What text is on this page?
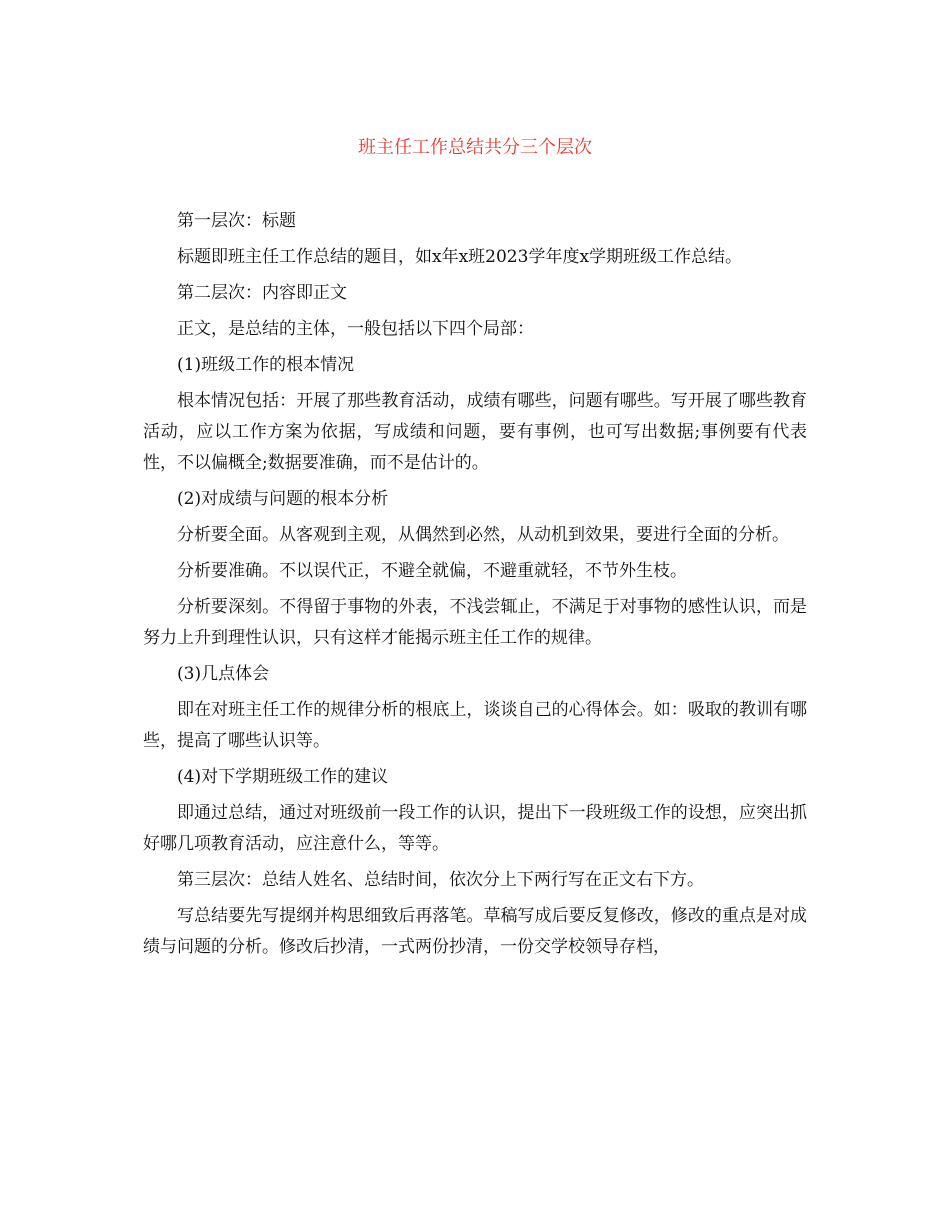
班主任工作总结共分三个层次

第一层次：标题

标题即班主任工作总结的题目，如x年x班2023学年度x学期班级工作总结。

第二层次：内容即正文

正文，是总结的主体，一般包括以下四个局部：

(1)班级工作的根本情况

根本情况包括：开展了那些教育活动，成绩有哪些，问题有哪些。写开展了哪些教育活动，应以工作方案为依据，写成绩和问题，要有事例，也可写出数据;事例要有代表性，不以偏概全;数据要准确，而不是估计的。

(2)对成绩与问题的根本分析

分析要全面。从客观到主观，从偶然到必然，从动机到效果，要进行全面的分析。

分析要准确。不以误代正，不避全就偏，不避重就轻，不节外生枝。

分析要深刻。不得留于事物的外表，不浅尝辄止，不满足于对事物的感性认识，而是努力上升到理性认识，只有这样才能揭示班主任工作的规律。

(3)几点体会

即在对班主任工作的规律分析的根底上，谈谈自己的心得体会。如：吸取的教训有哪些，提高了哪些认识等。

(4)对下学期班级工作的建议

即通过总结，通过对班级前一段工作的认识，提出下一段班级工作的设想，应突出抓好哪几项教育活动，应注意什么，等等。

第三层次：总结人姓名、总结时间，依次分上下两行写在正文右下方。

写总结要先写提纲并构思细致后再落笔。草稿写成后要反复修改，修改的重点是对成绩与问题的分析。修改后抄清，一式两份抄清，一份交学校领导存档，
